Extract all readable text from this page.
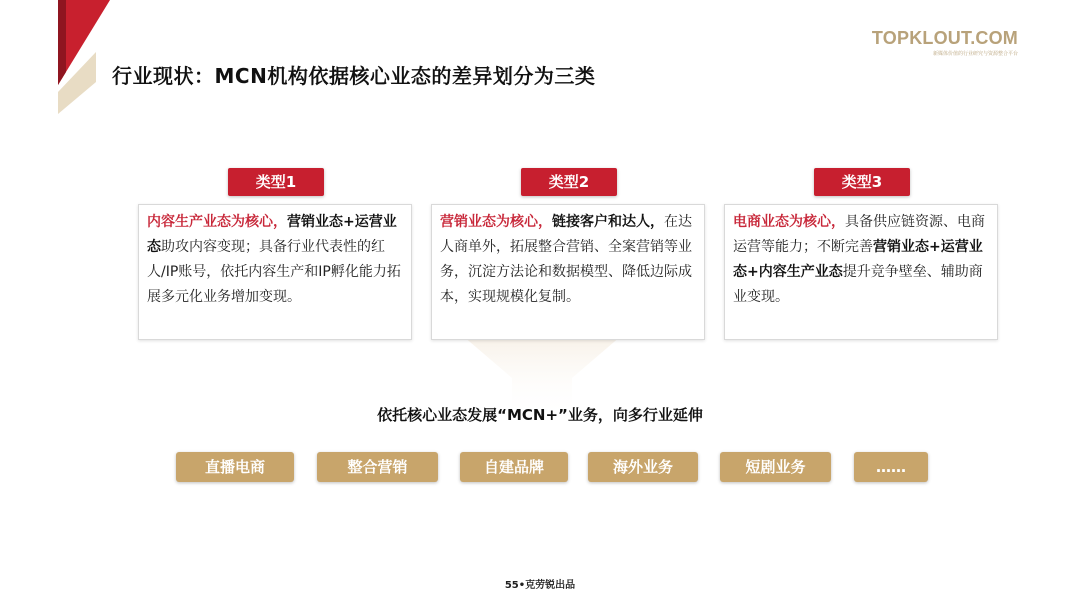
TOPKLOUT.COM
新媒体价值的行业研究与资源整合平台
行业现状：MCN机构依据核心业态的差异划分为三类
类型1	类型2	类型3
内容生产业态为核心，营销业态+运营业态助攻内容变现；具备行业代表性的红人/IP账号，依托内容生产和IP孵化能力拓展多元化业务增加变现。
营销业态为核心，链接客户和达人，在达人商单外，拓展整合营销、全案营销等业务，沉淀方法论和数据模型、降低边际成本，实现规模化复制。
电商业态为核心，具备供应链资源、电商运营等能力；不断完善营销业态+运营业态+内容生产业态提升竞争壁垒、辅助商业变现。
依托核心业态发展“MCN+”业务，向多行业延伸
直播电商	整合营销	自建品牌	海外业务	短剧业务	……
55•克劳锐出品
